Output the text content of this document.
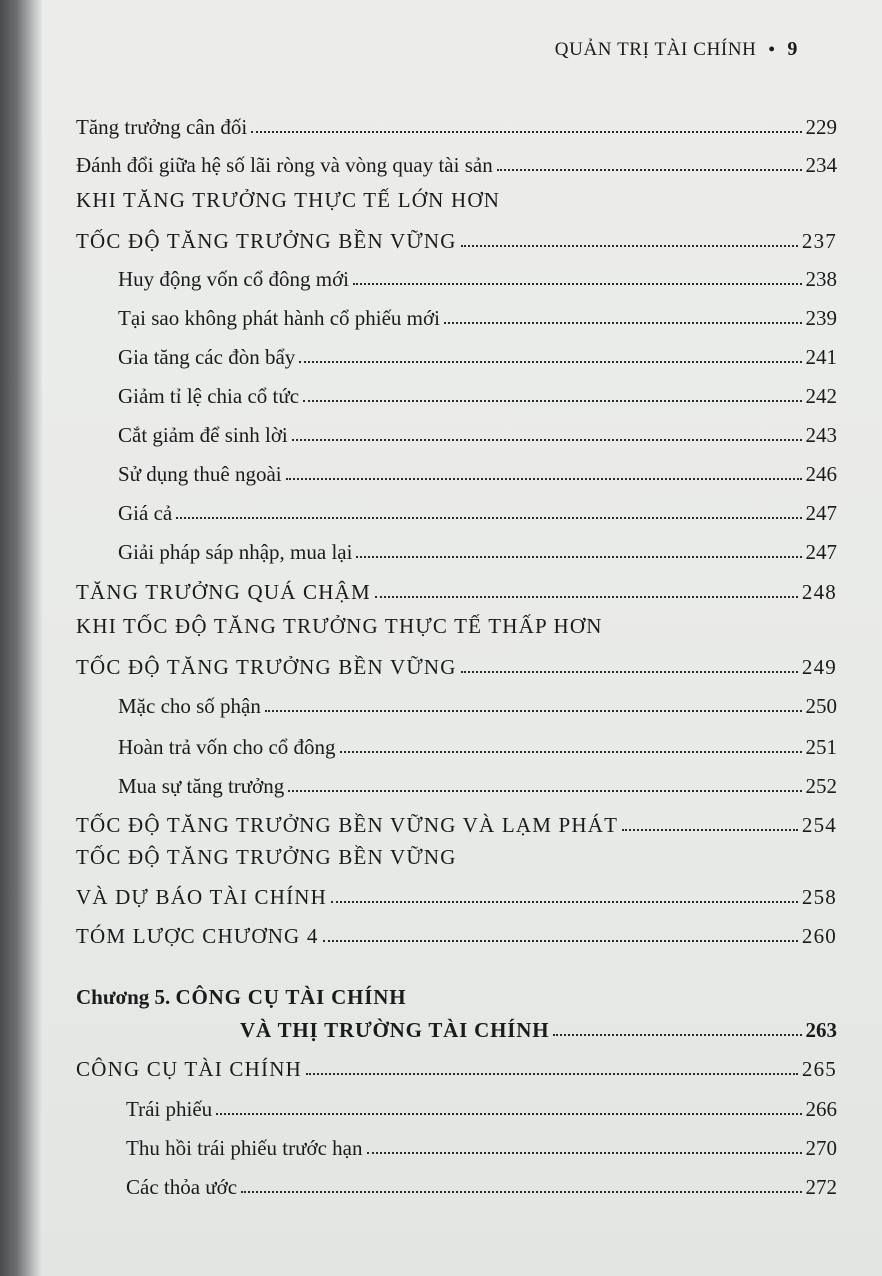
QUẢN TRỊ TÀI CHÍNH • 9
Tăng trưởng cân đối	229
Đánh đổi giữa hệ số lãi ròng và vòng quay tài sản	234
KHI TĂNG TRƯỞNG THỰC TẾ LỚN HƠN
TỐC ĐỘ TĂNG TRƯỞNG BỀN VỮNG	237
Huy động vốn cổ đông mới	238
Tại sao không phát hành cổ phiếu mới	239
Gia tăng các đòn bẩy	241
Giảm tỉ lệ chia cổ tức	242
Cắt giảm để sinh lời	243
Sử dụng thuê ngoài	246
Giá cả	247
Giải pháp sáp nhập, mua lại	247
TĂNG TRƯỞNG QUÁ CHẬM	248
KHI TỐC ĐỘ TĂNG TRƯỞNG THỰC TẾ THẤP HƠN
TỐC ĐỘ TĂNG TRƯỞNG BỀN VỮNG	249
Mặc cho số phận	250
Hoàn trả vốn cho cổ đông	251
Mua sự tăng trưởng	252
TỐC ĐỘ TĂNG TRƯỞNG BỀN VỮNG VÀ LẠM PHÁT	254
TỐC ĐỘ TĂNG TRƯỞNG BỀN VỮNG
VÀ DỰ BÁO TÀI CHÍNH	258
TÓM LƯỢC CHƯƠNG 4	260
Chương 5. CÔNG CỤ TÀI CHÍNH
VÀ THỊ TRƯỜNG TÀI CHÍNH	263
CÔNG CỤ TÀI CHÍNH	265
Trái phiếu	266
Thu hồi trái phiếu trước hạn	270
Các thỏa ước	272
